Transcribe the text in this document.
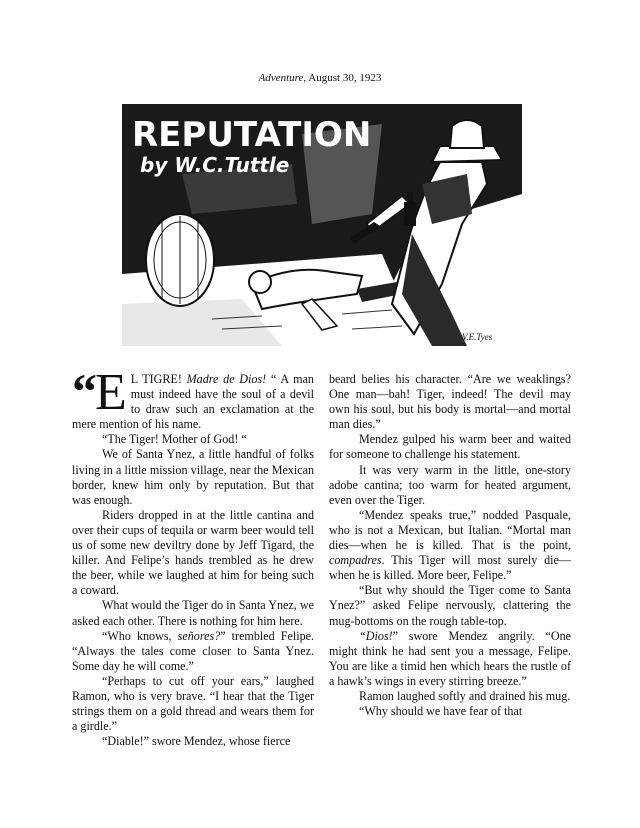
Adventure, August 30, 1923
REPUTATION
by W.C.Tuttle
V.E.Tyes

“ E L TIGRE! Madre de Dios! “ A man must indeed have the soul of a devil to draw such an exclamation at the mere mention of his name.

“The Tiger! Mother of God! “

We of Santa Ynez, a little handful of folks living in a little mission village, near the Mexican border, knew him only by reputation. But that was enough.

Riders dropped in at the little cantina and over their cups of tequila or warm beer would tell us of some new deviltry done by Jeff Tigard, the killer. And Felipe’s hands trembled as he drew the beer, while we laughed at him for being such a coward.

What would the Tiger do in Santa Ynez, we asked each other. There is nothing for him here.

“Who knows, señores?” trembled Felipe. “Always the tales come closer to Santa Ynez. Some day he will come.”

“Perhaps to cut off your ears,” laughed Ramon, who is very brave. “I hear that the Tiger strings them on a gold thread and wears them for a girdle.”

“Diable!” swore Mendez, whose fierce

beard belies his character. “Are we weaklings? One man—bah! Tiger, indeed! The devil may own his soul, but his body is mortal—and mortal man dies.”

Mendez gulped his warm beer and waited for someone to challenge his statement.

It was very warm in the little, one-story adobe cantina; too warm for heated argument, even over the Tiger.

“Mendez speaks true,” nodded Pasquale, who is not a Mexican, but Italian. “Mortal man dies—when he is killed. That is the point, compadres. This Tiger will most surely die—when he is killed. More beer, Felipe.”

“But why should the Tiger come to Santa Ynez?” asked Felipe nervously, clattering the mug-bottoms on the rough table-top.

“Dios!” swore Mendez angrily. “One might think he had sent you a message, Felipe. You are like a timid hen which hears the rustle of a hawk’s wings in every stirring breeze.”

Ramon laughed softly and drained his mug.

“Why should we have fear of that
